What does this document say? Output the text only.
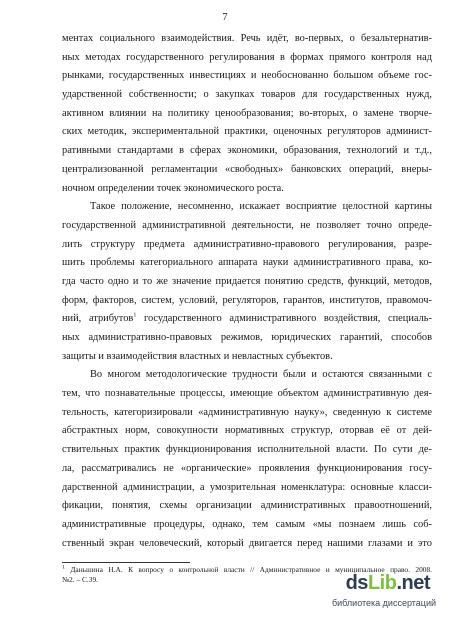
7
ментах социального взаимодействия. Речь идёт, во-первых, о безальтернатив-
ных методах государственного регулирования в формах прямого контроля над
рынками, государственных инвестициях и необоснованно большом объеме гос-
ударственной собственности; о закупках товаров для государственных нужд,
активном влиянии на политику ценообразования; во-вторых, о замене творче-
ских методик, экспериментальной практики, оценочных регуляторов админист-
ративными стандартами в сферах экономики, образования, технологий и т.д.,
централизованной регламентации «свободных» банковских операций, внеры-
ночном определении точек экономического роста.
Такое положение, несомненно, искажает восприятие целостной картины
государственной административной деятельности, не позволяет точно опреде-
лить структуру предмета административно-правового регулирования, разре-
шить проблемы категориального аппарата науки административного права, ко-
гда часто одно и то же значение придается понятию средств, функций, методов,
форм, факторов, систем, условий, регуляторов, гарантов, институтов, правомоч-
ний, атрибутов$^1$ государственного административного воздействия, специаль-
ных административно-правовых режимов, юридических гарантий, способов
защиты и взаимодействия властных и невластных субъектов.
Во многом методологические трудности были и остаются связанными с
тем, что познавательные процессы, имеющие объектом административную дея-
тельность, категоризировали «административную науку», сведенную к системе
абстрактных норм, совокупности нормативных структур, оторвав её от дей-
ствительных практик функционирования исполнительной власти. По сути де-
ла, рассматривались не «органические» проявления функционирования госу-
дарственной администрации, а умозрительная номенклатура: основные класси-
фикации, понятия, схемы организации административных правоотношений,
административные процедуры, однако, тем самым «мы познаем лишь соб-
ственный экран человеческий, который двигается перед нашими глазами и это
$^1$ Даньшина Н.А. К вопросу о контрольной власти // Административное и муниципальное право. 2008.
№2. – С.39.	dsLib.net
библиотека диссертаций
